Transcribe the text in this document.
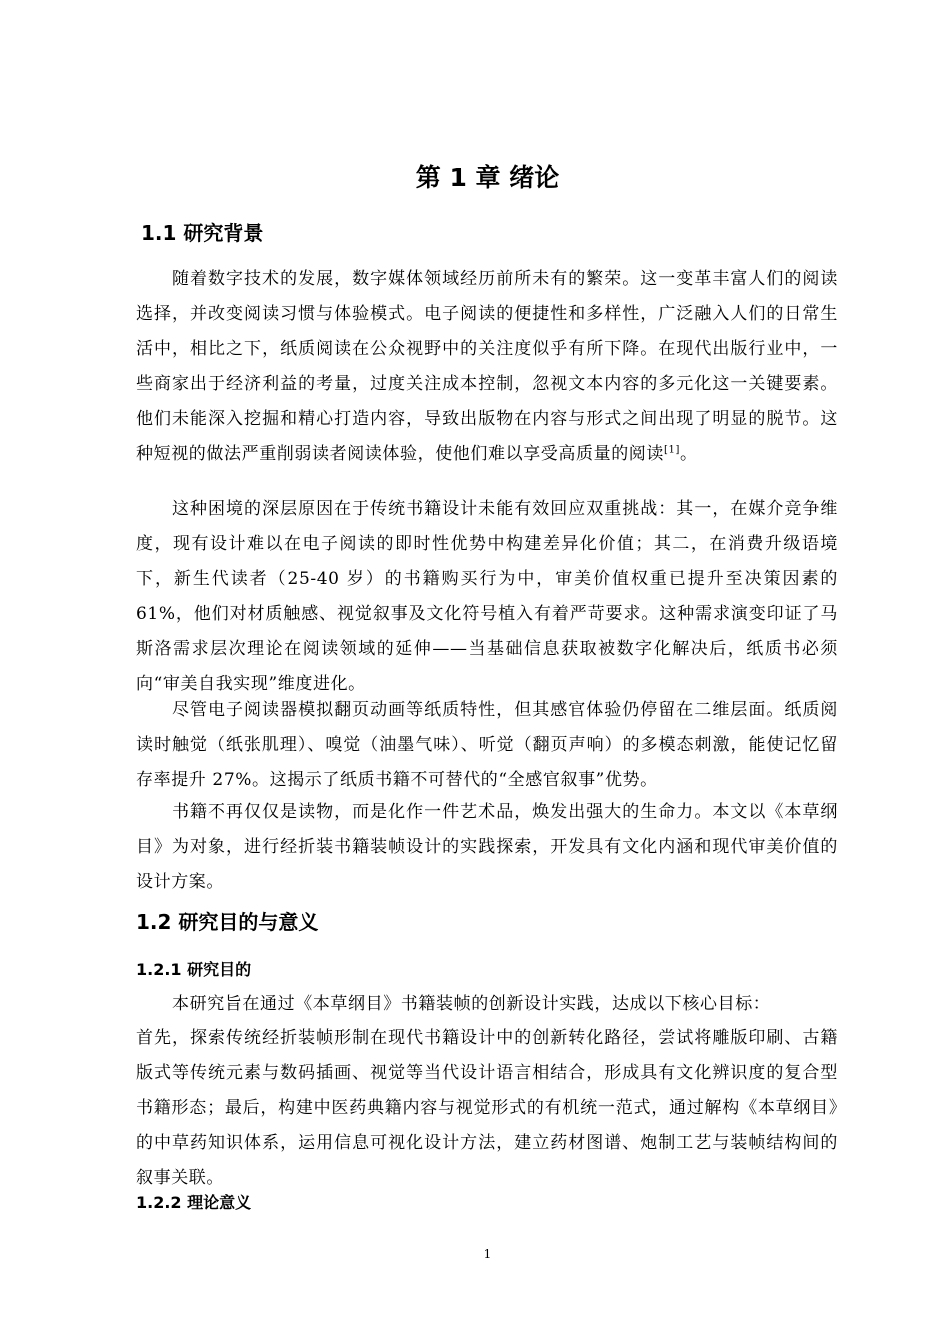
第 1 章 绪论
1.1 研究背景

随着数字技术的发展，数字媒体领域经历前所未有的繁荣。这一变革丰富人们的阅读选择，并改变阅读习惯与体验模式。电子阅读的便捷性和多样性，广泛融入人们的日常生活中，相比之下，纸质阅读在公众视野中的关注度似乎有所下降。在现代出版行业中，一些商家出于经济利益的考量，过度关注成本控制，忽视文本内容的多元化这一关键要素。他们未能深入挖掘和精心打造内容，导致出版物在内容与形式之间出现了明显的脱节。这种短视的做法严重削弱读者阅读体验，使他们难以享受高质量的阅读[1]。

这种困境的深层原因在于传统书籍设计未能有效回应双重挑战：其一，在媒介竞争维度，现有设计难以在电子阅读的即时性优势中构建差异化价值；其二，在消费升级语境下，新生代读者（25-40 岁）的书籍购买行为中，审美价值权重已提升至决策因素的 61%，他们对材质触感、视觉叙事及文化符号植入有着严苛要求。这种需求演变印证了马斯洛需求层次理论在阅读领域的延伸——当基础信息获取被数字化解决后，纸质书必须向“审美自我实现”维度进化。

尽管电子阅读器模拟翻页动画等纸质特性，但其感官体验仍停留在二维层面。纸质阅读时触觉（纸张肌理）、嗅觉（油墨气味）、听觉（翻页声响）的多模态刺激，能使记忆留存率提升 27%。这揭示了纸质书籍不可替代的“全感官叙事”优势。

书籍不再仅仅是读物，而是化作一件艺术品，焕发出强大的生命力。本文以《本草纲目》为对象，进行经折装书籍装帧设计的实践探索，开发具有文化内涵和现代审美价值的设计方案。

1.2 研究目的与意义
1.2.1 研究目的

本研究旨在通过《本草纲目》书籍装帧的创新设计实践，达成以下核心目标：

首先，探索传统经折装帧形制在现代书籍设计中的创新转化路径，尝试将雕版印刷、古籍版式等传统元素与数码插画、视觉等当代设计语言相结合，形成具有文化辨识度的复合型书籍形态；最后，构建中医药典籍内容与视觉形式的有机统一范式，通过解构《本草纲目》的中草药知识体系，运用信息可视化设计方法，建立药材图谱、炮制工艺与装帧结构间的叙事关联。

1.2.2 理论意义
1
